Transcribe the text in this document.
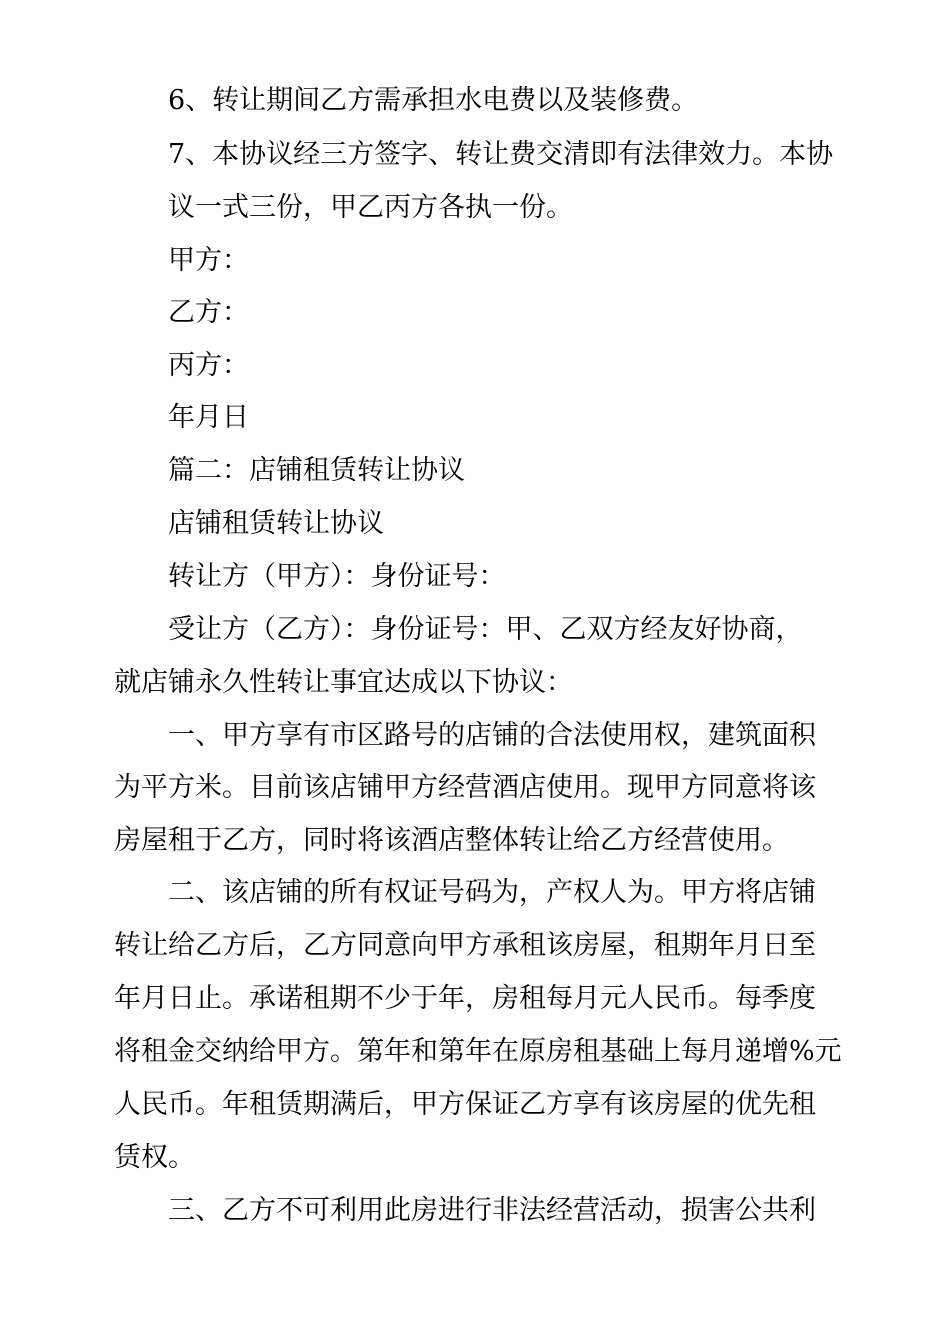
6、转让期间乙方需承担水电费以及装修费。
7、本协议经三方签字、转让费交清即有法律效力。本协
议一式三份，甲乙丙方各执一份。
甲方：
乙方：
丙方：
年月日
篇二：店铺租赁转让协议
店铺租赁转让协议
转让方（甲方）：身份证号：
受让方（乙方）：身份证号：甲、乙双方经友好协商，
就店铺永久性转让事宜达成以下协议：
一、甲方享有市区路号的店铺的合法使用权，建筑面积
为平方米。目前该店铺甲方经营酒店使用。现甲方同意将该
房屋租于乙方，同时将该酒店整体转让给乙方经营使用。
二、该店铺的所有权证号码为，产权人为。甲方将店铺
转让给乙方后，乙方同意向甲方承租该房屋，租期年月日至
年月日止。承诺租期不少于年，房租每月元人民币。每季度
将租金交纳给甲方。第年和第年在原房租基础上每月递增%元
人民币。年租赁期满后，甲方保证乙方享有该房屋的优先租
赁权。
三、乙方不可利用此房进行非法经营活动，损害公共利
